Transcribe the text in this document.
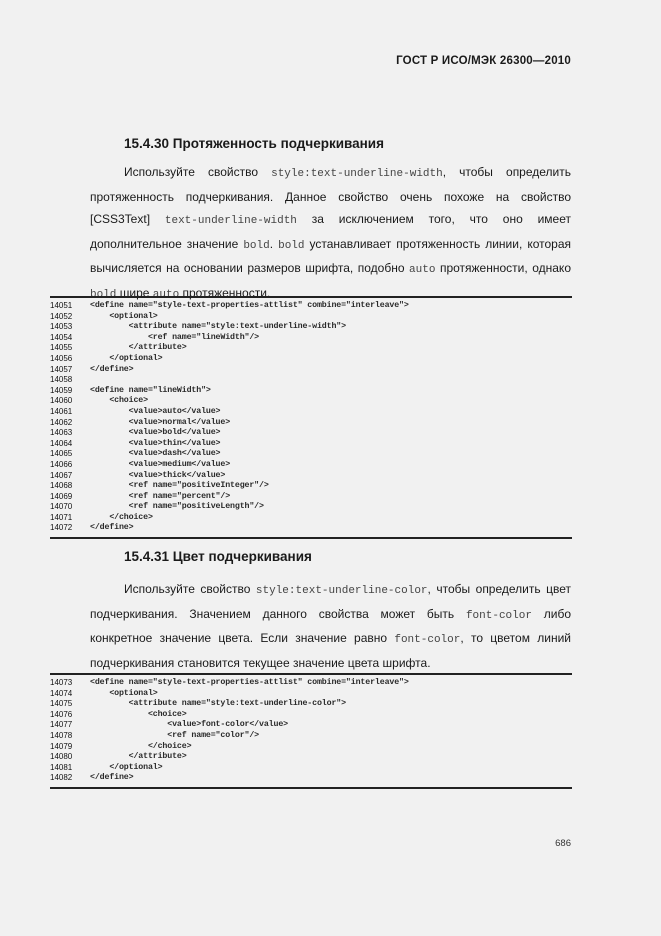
ГОСТ Р ИСО/МЭК 26300—2010
15.4.30 Протяженность подчеркивания

Используйте свойство style:text-underline-width, чтобы определить протяженность подчеркивания. Данное свойство очень похоже на свойство [CSS3Text] text-underline-width за исключением того, что оно имеет дополнительное значение bold. bold устанавливает протяженность линии, которая вычисляется на основании размеров шрифта, подобно auto протяженности, однако bold шире auto протяженности.

14051	<define name="style-text-properties-attlist" combine="interleave">
14052	<optional>
14053	<attribute name="style:text-underline-width">
14054	<ref name="lineWidth"/>
14055	</attribute>
14056	</optional>
14057	</define>
14058
14059	<define name="lineWidth">
14060	<choice>
14061	<value>auto</value>
14062	<value>normal</value>
14063	<value>bold</value>
14064	<value>thin</value>
14065	<value>dash</value>
14066	<value>medium</value>
14067	<value>thick</value>
14068	<ref name="positiveInteger"/>
14069	<ref name="percent"/>
14070	<ref name="positiveLength"/>
14071	</choice>
14072	</define>
15.4.31 Цвет подчеркивания

Используйте свойство style:text-underline-color, чтобы определить цвет подчеркивания. Значением данного свойства может быть font-color либо конкретное значение цвета. Если значение равно font-color, то цветом линий подчеркивания становится текущее значение цвета шрифта.

14073	<define name="style-text-properties-attlist" combine="interleave">
14074	<optional>
14075	<attribute name="style:text-underline-color">
14076	<choice>
14077	<value>font-color</value>
14078	<ref name="color"/>
14079	</choice>
14080	</attribute>
14081	</optional>
14082	</define>
686
